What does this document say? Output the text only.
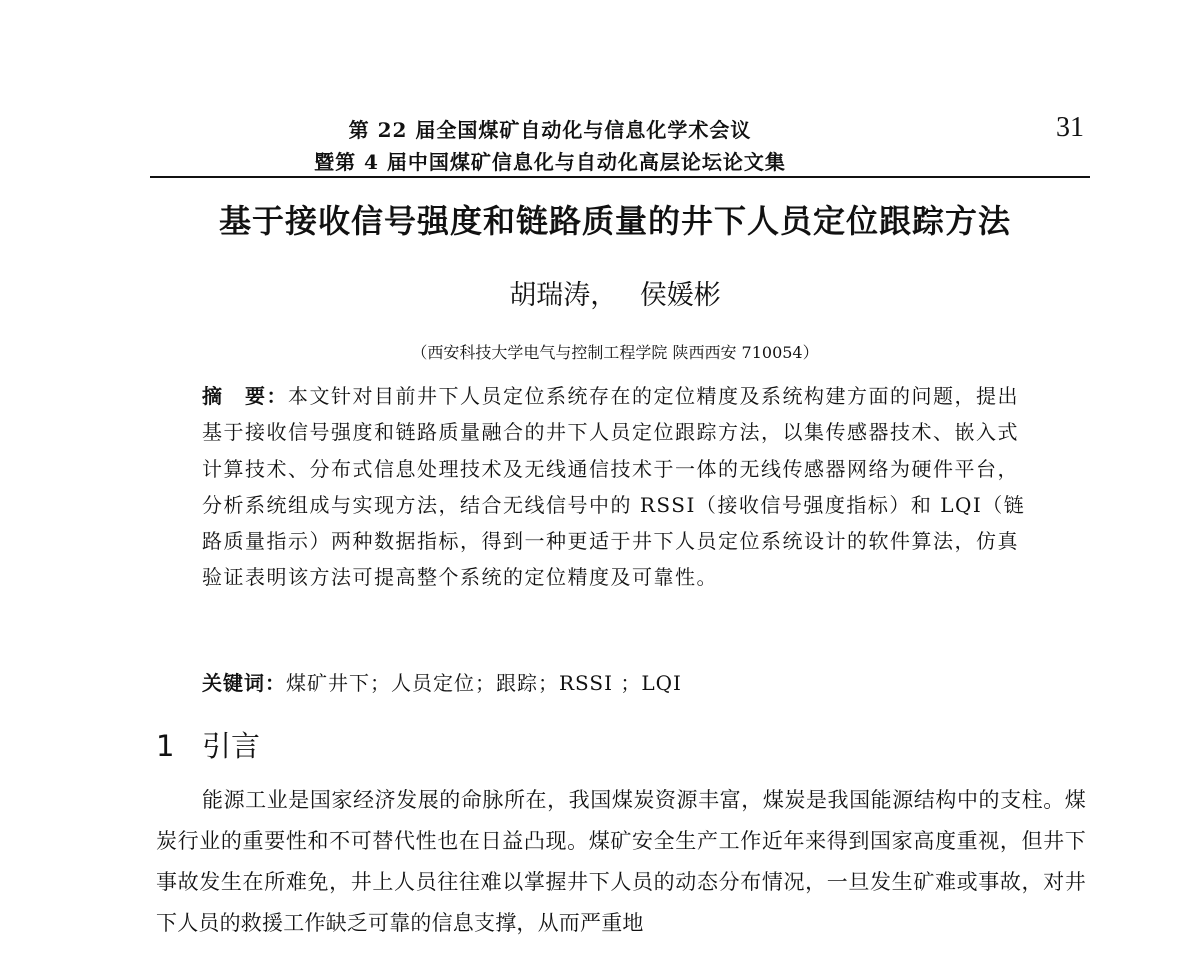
第 22 届全国煤矿自动化与信息化学术会议
暨第 4 届中国煤矿信息化与自动化高层论坛论文集
31
基于接收信号强度和链路质量的井下人员定位跟踪方法
胡瑞涛， 侯媛彬
（西安科技大学电气与控制工程学院 陕西西安 710054）
摘　要：本文针对目前井下人员定位系统存在的定位精度及系统构建方面的问题，提出基于接收信号强度和链路质量融合的井下人员定位跟踪方法，以集传感器技术、嵌入式计算技术、分布式信息处理技术及无线通信技术于一体的无线传感器网络为硬件平台，分析系统组成与实现方法，结合无线信号中的 RSSI（接收信号强度指标）和 LQI（链路质量指示）两种数据指标，得到一种更适于井下人员定位系统设计的软件算法，仿真验证表明该方法可提高整个系统的定位精度及可靠性。
关键词：煤矿井下；人员定位；跟踪；RSSI ；LQI
1 引言
能源工业是国家经济发展的命脉所在，我国煤炭资源丰富，煤炭是我国能源结构中的支柱。煤炭行业的重要性和不可替代性也在日益凸现。煤矿安全生产工作近年来得到国家高度重视，但井下事故发生在所难免，井上人员往往难以掌握井下人员的动态分布情况，一旦发生矿难或事故，对井下人员的救援工作缺乏可靠的信息支撑，从而严重地
